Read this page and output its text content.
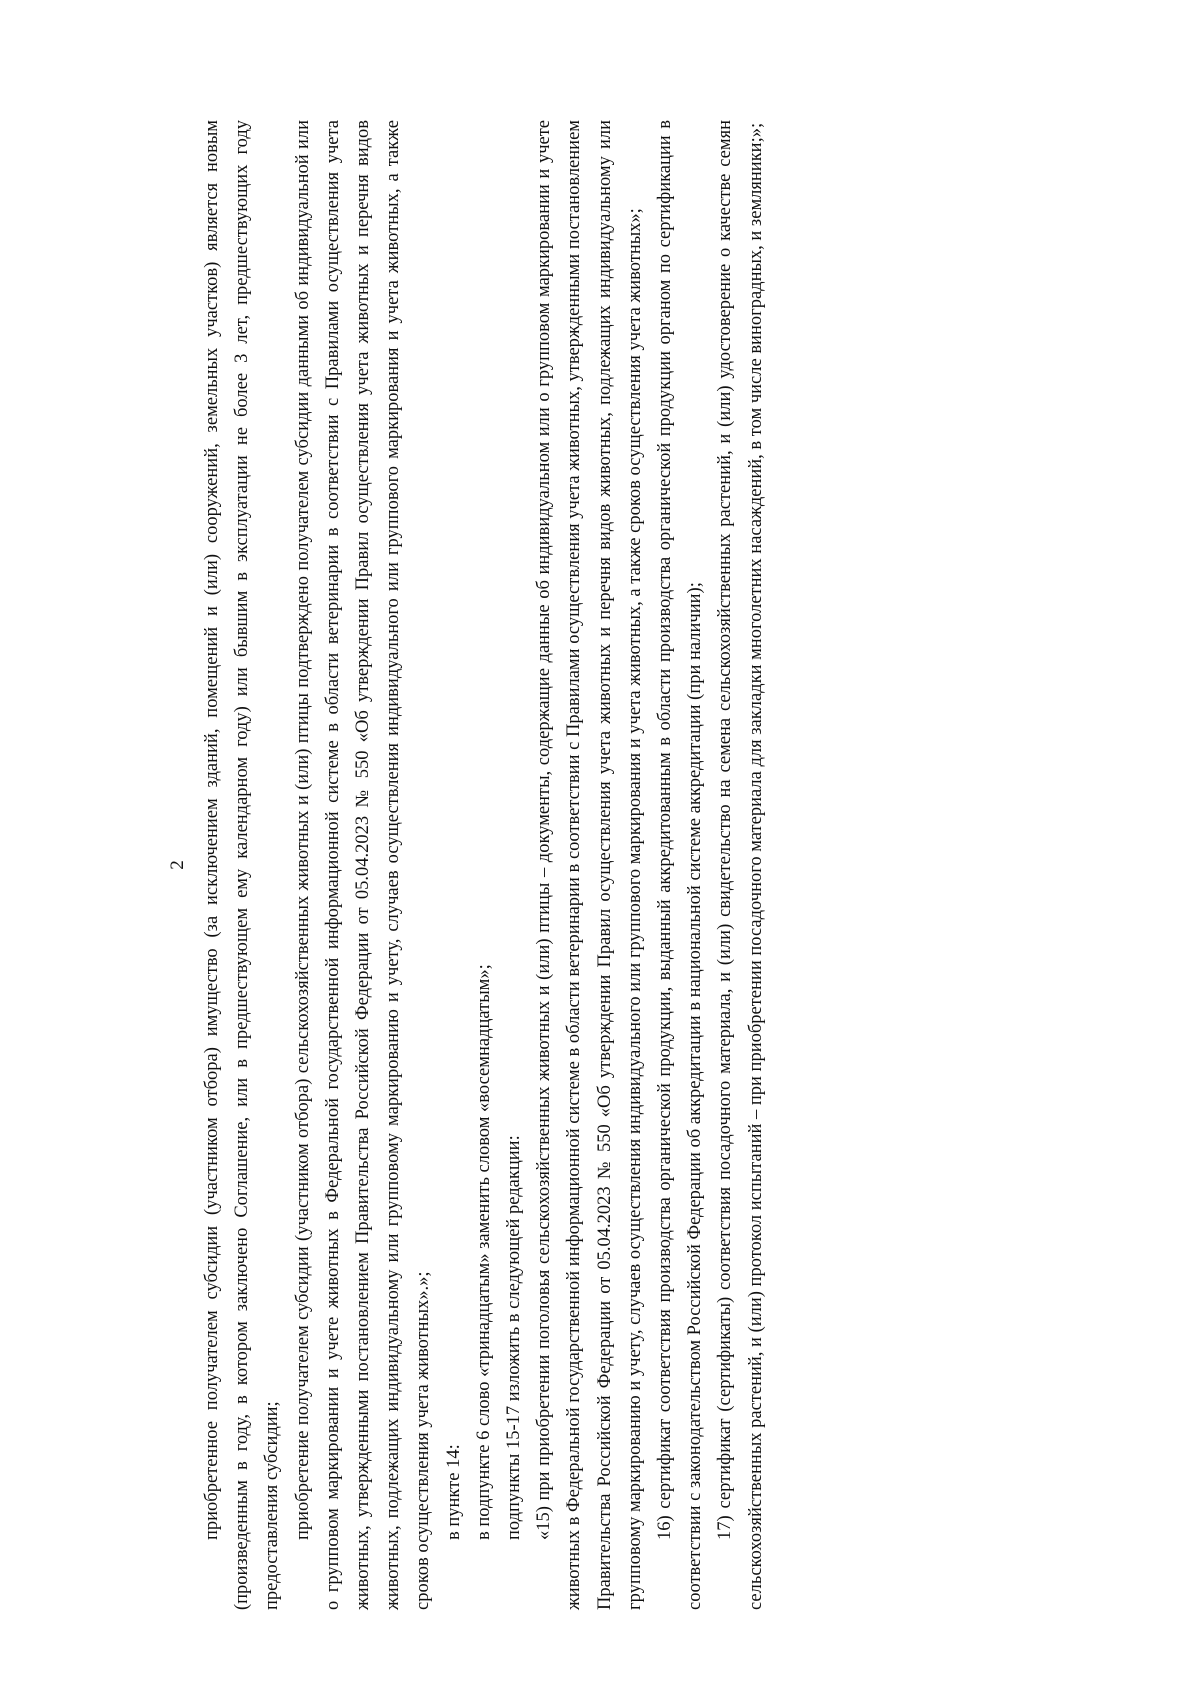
2 приобретенное получателем субсидии (участником отбора) имущество (за исключением зданий, помещений и (или) сооружений, земельных участков) является новым (произведенным в году, в котором заключено Соглашение, или в предшествующем ему календарном году) или бывшим в эксплуатации не более 3 лет, предшествующих году предоставления субсидии; приобретение получателем субсидии (участником отбора) сельскохозяйственных животных и (или) птицы подтверждено получателем субсидии данными об индивидуальной или о групповом маркировании и учете животных в Федеральной государственной информационной системе в области ветеринарии в соответствии с Правилами осуществления учета животных, утвержденными постановлением Правительства Российской Федерации от 05.04.2023 № 550 «Об утверждении Правил осуществления учета животных и перечня видов животных, подлежащих индивидуальному или групповому маркированию и учету, случаев осуществления индивидуального или группового маркирования и учета животных, а также сроков осуществления учета животных».»; в пункте 14: в подпункте 6 слово «тринадцатым» заменить словом «восемнадцатым»; подпункты 15-17 изложить в следующей редакции: «15) при приобретении поголовья сельскохозяйственных животных и (или) птицы – документы, содержащие данные об индивидуальном или о групповом маркировании и учете животных в Федеральной государственной информационной системе в области ветеринарии в соответствии с Правилами осуществления учета животных, утвержденными постановлением Правительства Российской Федерации от 05.04.2023 № 550 «Об утверждении Правил осуществления учета животных и перечня видов животных, подлежащих индивидуальному или групповому маркированию и учету, случаев осуществления индивидуального или группового маркирования и учета животных, а также сроков осуществления учета животных»; 16) сертификат соответствия производства органической продукции, выданный аккредитованным в области производства органической продукции органом по сертификации в соответствии с законодательством Российской Федерации об аккредитации в национальной системе аккредитации (при наличии); 17) сертификат (сертификаты) соответствия посадочного материала, и (или) свидетельство на семена сельскохозяйственных растений, и (или) удостоверение о качестве семян сельскохозяйственных растений, и (или) протокол испытаний – при приобретении посадочного материала для закладки многолетних насаждений, в том числе виноградных, и земляники;»;
